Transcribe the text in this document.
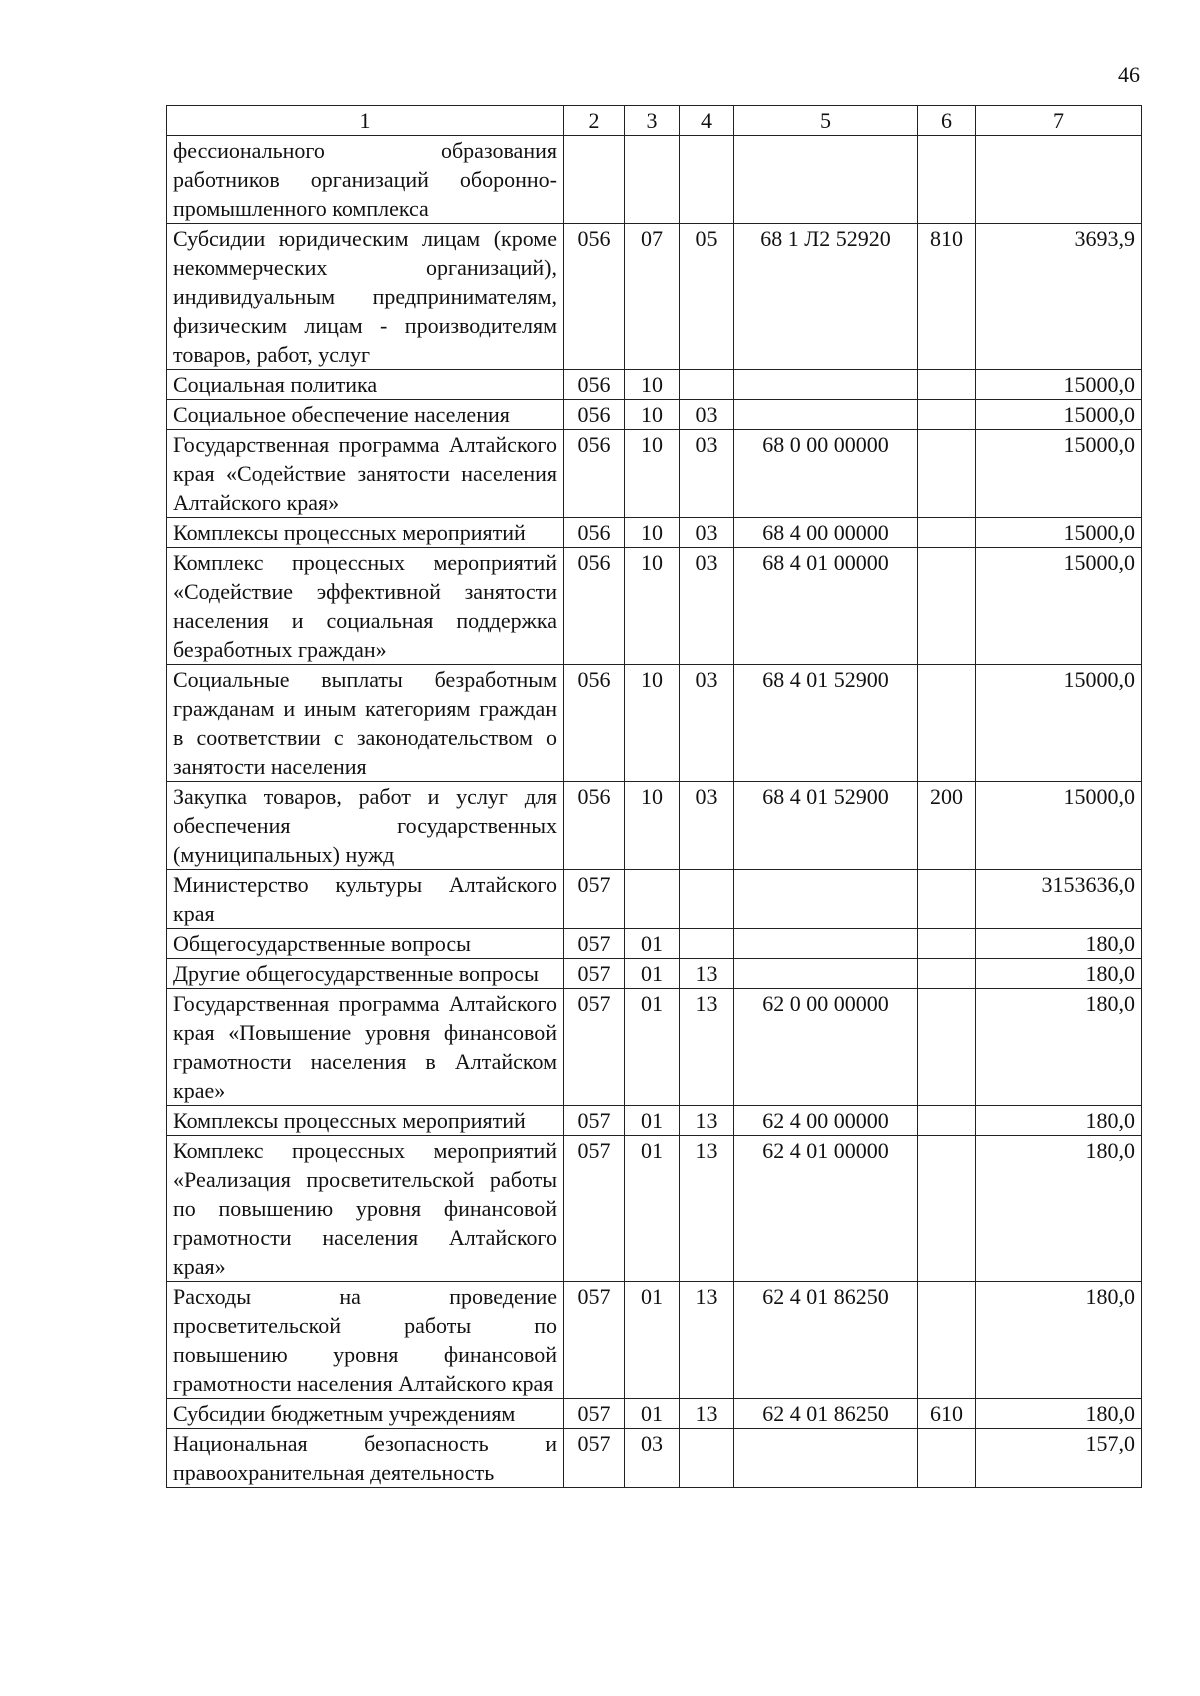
46
1	2	3	4	5	6	7
фессионального образования работников организаций оборонно-промышленного комплекса						
Субсидии юридическим лицам (кроме некоммерческих организаций), индивидуальным предпринимателям, физическим лицам - производителям товаров, работ, услуг	056	07	05	68 1 Л2 52920	810	3693,9
Социальная политика	056	10				15000,0
Социальное обеспечение населения	056	10	03			15000,0
Государственная программа Алтайского края «Содействие занятости населения Алтайского края»	056	10	03	68 0 00 00000		15000,0
Комплексы процессных мероприятий	056	10	03	68 4 00 00000		15000,0
Комплекс процессных мероприятий «Содействие эффективной занятости населения и социальная поддержка безработных граждан»	056	10	03	68 4 01 00000		15000,0
Социальные выплаты безработным гражданам и иным категориям граждан в соответствии с законодательством о занятости населения	056	10	03	68 4 01 52900		15000,0
Закупка товаров, работ и услуг для обеспечения государственных (муниципальных) нужд	056	10	03	68 4 01 52900	200	15000,0
Министерство культуры Алтайского края	057					3153636,0
Общегосударственные вопросы	057	01				180,0
Другие общегосударственные вопросы	057	01	13			180,0
Государственная программа Алтайского края «Повышение уровня финансовой грамотности населения в Алтайском крае»	057	01	13	62 0 00 00000		180,0
Комплексы процессных мероприятий	057	01	13	62 4 00 00000		180,0
Комплекс процессных мероприятий «Реализация просветительской работы по повышению уровня финансовой грамотности населения Алтайского края»	057	01	13	62 4 01 00000		180,0
Расходы на проведение просветительской работы по повышению уровня финансовой грамотности населения Алтайского края	057	01	13	62 4 01 86250		180,0
Субсидии бюджетным учреждениям	057	01	13	62 4 01 86250	610	180,0
Национальная безопасность и правоохранительная деятельность	057	03				157,0
